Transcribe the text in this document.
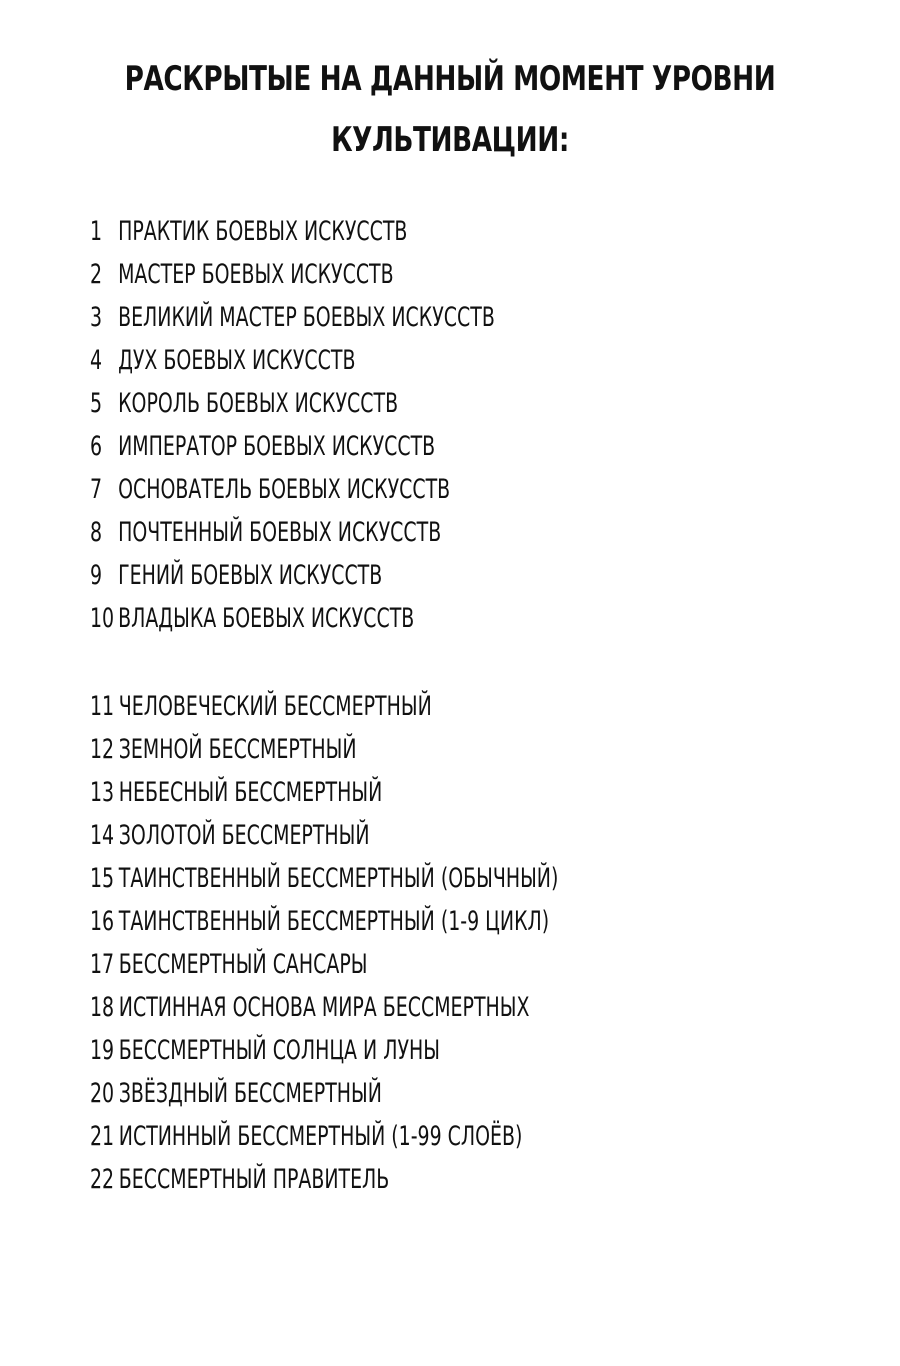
РАСКРЫТЫЕ НА ДАННЫЙ МОМЕНТ УРОВНИ
КУЛЬТИВАЦИИ:
1 ПРАКТИК БОЕВЫХ ИСКУССТВ
2 МАСТЕР БОЕВЫХ ИСКУССТВ
3 ВЕЛИКИЙ МАСТЕР БОЕВЫХ ИСКУССТВ
4 ДУХ БОЕВЫХ ИСКУССТВ
5 КОРОЛЬ БОЕВЫХ ИСКУССТВ
6 ИМПЕРАТОР БОЕВЫХ ИСКУССТВ
7 ОСНОВАТЕЛЬ БОЕВЫХ ИСКУССТВ
8 ПОЧТЕННЫЙ БОЕВЫХ ИСКУССТВ
9 ГЕНИЙ БОЕВЫХ ИСКУССТВ
10 ВЛАДЫКА БОЕВЫХ ИСКУССТВ
11 ЧЕЛОВЕЧЕСКИЙ БЕССМЕРТНЫЙ
12 ЗЕМНОЙ БЕССМЕРТНЫЙ
13 НЕБЕСНЫЙ БЕССМЕРТНЫЙ
14 ЗОЛОТОЙ БЕССМЕРТНЫЙ
15 ТАИНСТВЕННЫЙ БЕССМЕРТНЫЙ (ОБЫЧНЫЙ)
16 ТАИНСТВЕННЫЙ БЕССМЕРТНЫЙ (1-9 ЦИКЛ)
17 БЕССМЕРТНЫЙ САНСАРЫ
18 ИСТИННАЯ ОСНОВА МИРА БЕССМЕРТНЫХ
19 БЕССМЕРТНЫЙ СОЛНЦА И ЛУНЫ
20 ЗВЁЗДНЫЙ БЕССМЕРТНЫЙ
21 ИСТИННЫЙ БЕССМЕРТНЫЙ (1-99 СЛОЁВ)
22 БЕССМЕРТНЫЙ ПРАВИТЕЛЬ
